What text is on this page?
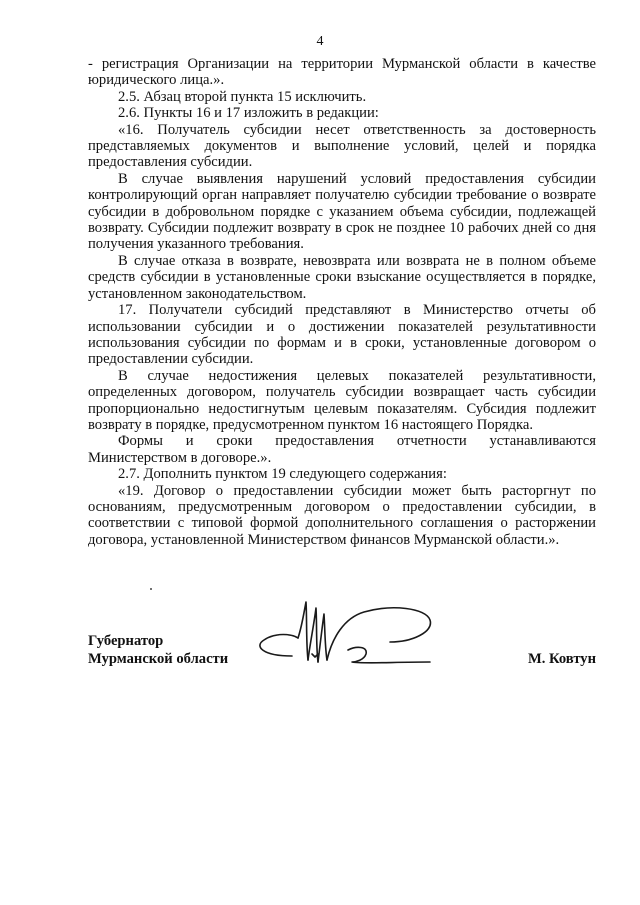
4

- регистрация Организации на территории Мурманской области в качестве юридического лица.».

2.5. Абзац второй пункта 15 исключить.

2.6. Пункты 16 и 17 изложить в редакции:

«16. Получатель субсидии несет ответственность за достоверность представляемых документов и выполнение условий, целей и порядка предоставления субсидии.

В случае выявления нарушений условий предоставления субсидии контролирующий орган направляет получателю субсидии требование о возврате субсидии в добровольном порядке с указанием объема субсидии, подлежащей возврату. Субсидии подлежит возврату в срок не позднее 10 рабочих дней со дня получения указанного требования.

В случае отказа в возврате, невозврата или возврата не в полном объеме средств субсидии в установленные сроки взыскание осуществляется в порядке, установленном законодательством.

17. Получатели субсидий представляют в Министерство отчеты об использовании субсидии и о достижении показателей результативности использования субсидии по формам и в сроки, установленные договором о предоставлении субсидии.

В случае недостижения целевых показателей результативности, определенных договором, получатель субсидии возвращает часть субсидии пропорционально недостигнутым целевым показателям. Субсидия подлежит возврату в порядке, предусмотренном пунктом 16 настоящего Порядка.

Формы и сроки предоставления отчетности устанавливаются Министерством в договоре.».

2.7. Дополнить пунктом 19 следующего содержания:

«19. Договор о предоставлении субсидии может быть расторгнут по основаниям, предусмотренным договором о предоставлении субсидии, в соответствии с типовой формой дополнительного соглашения о расторжении договора, установленной Министерством финансов Мурманской области.».

Губернатор
Мурманской области	М. Ковтун
